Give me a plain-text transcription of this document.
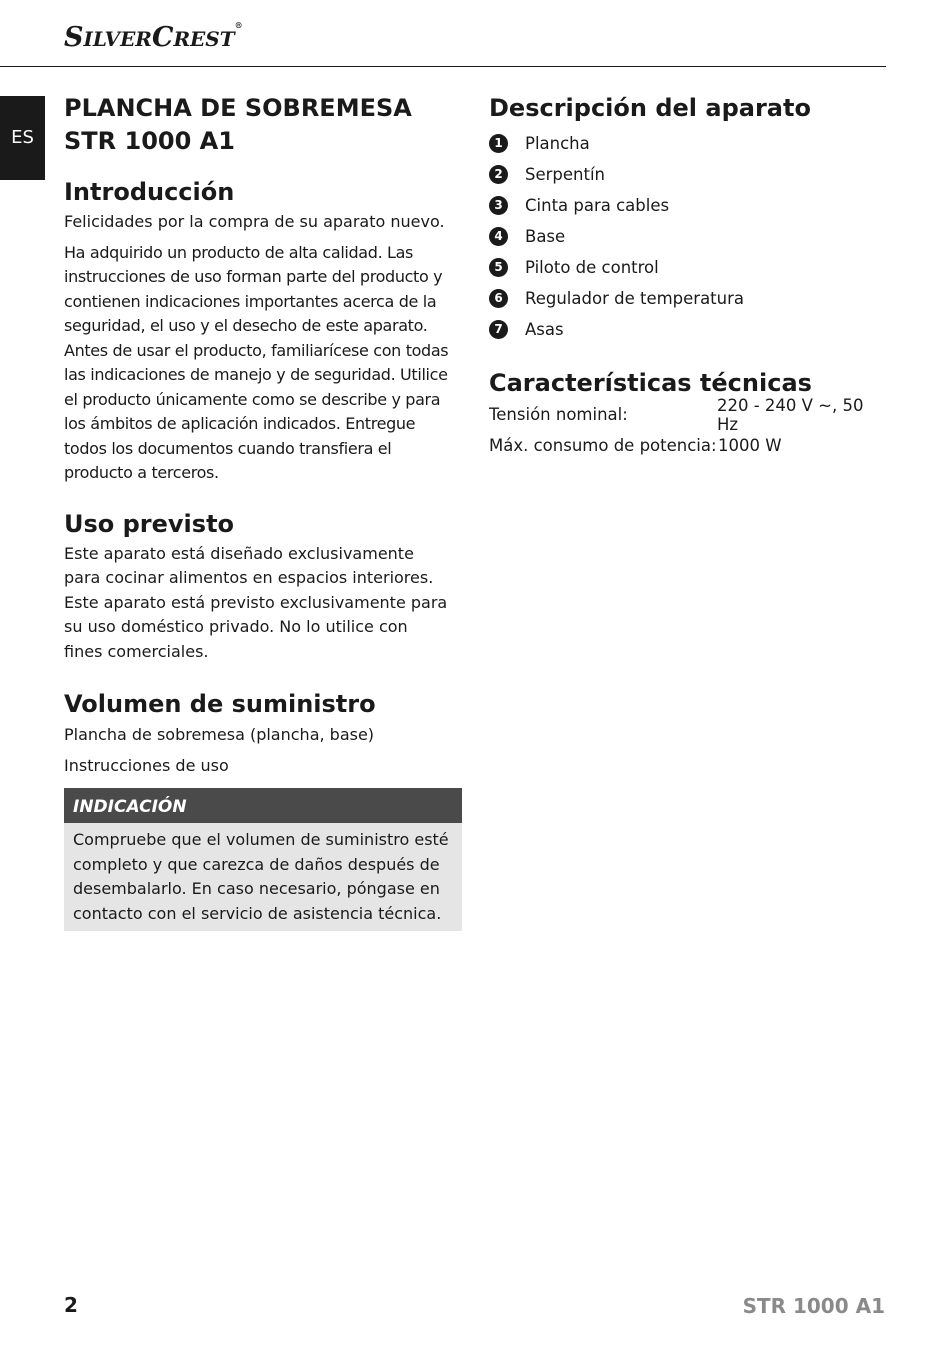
SILVERCREST®
ES
PLANCHA DE SOBREMESA
STR 1000 A1
Introducción

Felicidades por la compra de su aparato nuevo.

Ha adquirido un producto de alta calidad. Las instrucciones de uso forman parte del producto y contienen indicaciones importantes acerca de la seguridad, el uso y el desecho de este aparato. Antes de usar el producto, familiarícese con todas las indicaciones de manejo y de seguridad. Utilice el producto únicamente como se describe y para los ámbitos de aplicación indicados. Entregue todos los documentos cuando transfiera el producto a terceros.

Uso previsto

Este aparato está diseñado exclusivamente para cocinar alimentos en espacios interiores. Este aparato está previsto exclusivamente para su uso doméstico privado. No lo utilice con fines comerciales.

Volumen de suministro

Plancha de sobremesa (plancha, base)

Instrucciones de uso

INDICACIÓN
Compruebe que el volumen de suministro esté completo y que carezca de daños después de desembalarlo. En caso necesario, póngase en contacto con el servicio de asistencia técnica.
Descripción del aparato
1	Plancha
2	Serpentín
3	Cinta para cables
4	Base
5	Piloto de control
6	Regulador de temperatura
7	Asas
Características técnicas
Tensión nominal:	220 - 240 V ~, 50 Hz
Máx. consumo de potencia: 1000 W
2	STR 1000 A1
